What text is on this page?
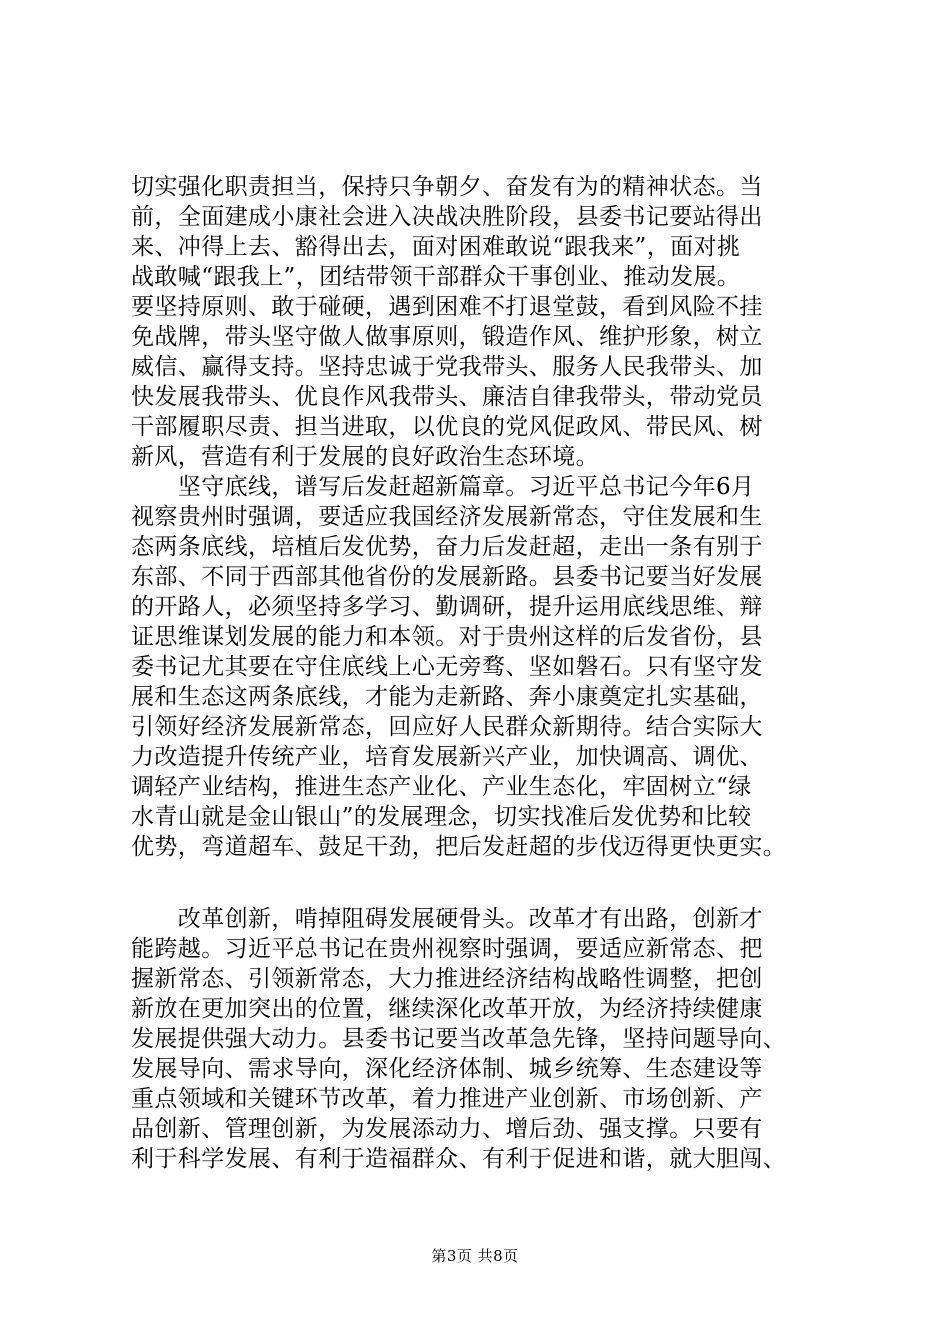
切实强化职责担当，保持只争朝夕、奋发有为的精神状态。当
前，全面建成小康社会进入决战决胜阶段，县委书记要站得出
来、冲得上去、豁得出去，面对困难敢说“跟我来”，面对挑
战敢喊“跟我上”，团结带领干部群众干事创业、推动发展。
要坚持原则、敢于碰硬，遇到困难不打退堂鼓，看到风险不挂
免战牌，带头坚守做人做事原则，锻造作风、维护形象，树立
威信、赢得支持。坚持忠诚于党我带头、服务人民我带头、加
快发展我带头、优良作风我带头、廉洁自律我带头，带动党员
干部履职尽责、担当进取，以优良的党风促政风、带民风、树
新风，营造有利于发展的良好政治生态环境。
　　坚守底线，谱写后发赶超新篇章。习近平总书记今年6月
视察贵州时强调，要适应我国经济发展新常态，守住发展和生
态两条底线，培植后发优势，奋力后发赶超，走出一条有别于
东部、不同于西部其他省份的发展新路。县委书记要当好发展
的开路人，必须坚持多学习、勤调研，提升运用底线思维、辩
证思维谋划发展的能力和本领。对于贵州这样的后发省份，县
委书记尤其要在守住底线上心无旁骛、坚如磐石。只有坚守发
展和生态这两条底线，才能为走新路、奔小康奠定扎实基础，
引领好经济发展新常态，回应好人民群众新期待。结合实际大
力改造提升传统产业，培育发展新兴产业，加快调高、调优、
调轻产业结构，推进生态产业化、产业生态化，牢固树立“绿
水青山就是金山银山”的发展理念，切实找准后发优势和比较
优势，弯道超车、鼓足干劲，把后发赶超的步伐迈得更快更实。
　　改革创新，啃掉阻碍发展硬骨头。改革才有出路，创新才
能跨越。习近平总书记在贵州视察时强调，要适应新常态、把
握新常态、引领新常态，大力推进经济结构战略性调整，把创
新放在更加突出的位置，继续深化改革开放，为经济持续健康
发展提供强大动力。县委书记要当改革急先锋，坚持问题导向、
发展导向、需求导向，深化经济体制、城乡统筹、生态建设等
重点领域和关键环节改革，着力推进产业创新、市场创新、产
品创新、管理创新，为发展添动力、增后劲、强支撑。只要有
利于科学发展、有利于造福群众、有利于促进和谐，就大胆闯、
第3页 共8页
